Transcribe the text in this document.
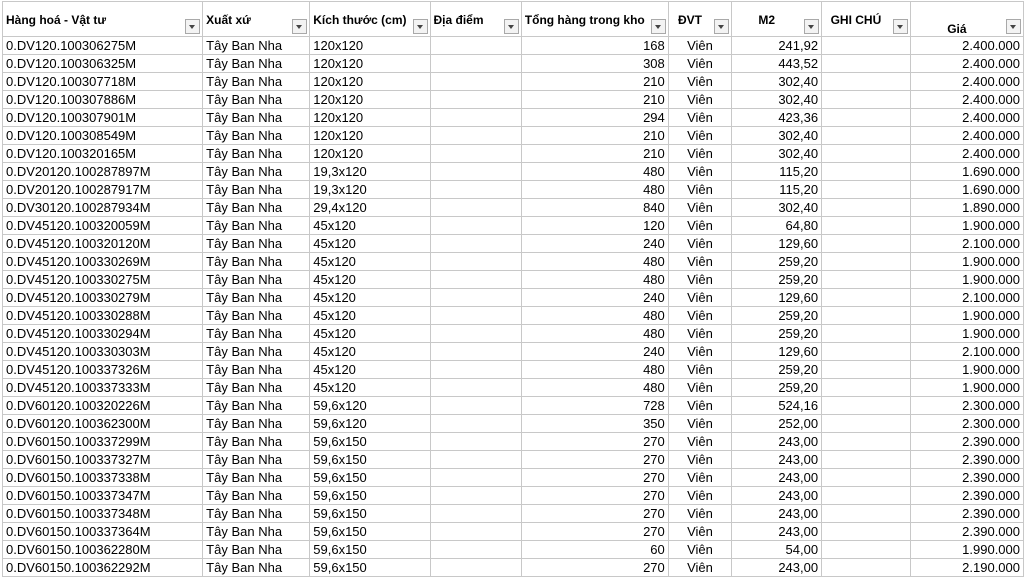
Hàng hoá - Vật tư	Xuất xứ	Kích thước (cm)	Địa điểm	Tổng hàng trong kho	ĐVT	M2	GHI CHÚ	Giá

0.DV120.100306275M	Tây Ban Nha	120x120		168	Viên	241,92		2.400.000
0.DV120.100306325M	Tây Ban Nha	120x120		308	Viên	443,52		2.400.000
0.DV120.100307718M	Tây Ban Nha	120x120		210	Viên	302,40		2.400.000
0.DV120.100307886M	Tây Ban Nha	120x120		210	Viên	302,40		2.400.000
0.DV120.100307901M	Tây Ban Nha	120x120		294	Viên	423,36		2.400.000
0.DV120.100308549M	Tây Ban Nha	120x120		210	Viên	302,40		2.400.000
0.DV120.100320165M	Tây Ban Nha	120x120		210	Viên	302,40		2.400.000
0.DV20120.100287897M	Tây Ban Nha	19,3x120		480	Viên	115,20		1.690.000
0.DV20120.100287917M	Tây Ban Nha	19,3x120		480	Viên	115,20		1.690.000
0.DV30120.100287934M	Tây Ban Nha	29,4x120		840	Viên	302,40		1.890.000
0.DV45120.100320059M	Tây Ban Nha	45x120		120	Viên	64,80		1.900.000
0.DV45120.100320120M	Tây Ban Nha	45x120		240	Viên	129,60		2.100.000
0.DV45120.100330269M	Tây Ban Nha	45x120		480	Viên	259,20		1.900.000
0.DV45120.100330275M	Tây Ban Nha	45x120		480	Viên	259,20		1.900.000
0.DV45120.100330279M	Tây Ban Nha	45x120		240	Viên	129,60		2.100.000
0.DV45120.100330288M	Tây Ban Nha	45x120		480	Viên	259,20		1.900.000
0.DV45120.100330294M	Tây Ban Nha	45x120		480	Viên	259,20		1.900.000
0.DV45120.100330303M	Tây Ban Nha	45x120		240	Viên	129,60		2.100.000
0.DV45120.100337326M	Tây Ban Nha	45x120		480	Viên	259,20		1.900.000
0.DV45120.100337333M	Tây Ban Nha	45x120		480	Viên	259,20		1.900.000
0.DV60120.100320226M	Tây Ban Nha	59,6x120		728	Viên	524,16		2.300.000
0.DV60120.100362300M	Tây Ban Nha	59,6x120		350	Viên	252,00		2.300.000
0.DV60150.100337299M	Tây Ban Nha	59,6x150		270	Viên	243,00		2.390.000
0.DV60150.100337327M	Tây Ban Nha	59,6x150		270	Viên	243,00		2.390.000
0.DV60150.100337338M	Tây Ban Nha	59,6x150		270	Viên	243,00		2.390.000
0.DV60150.100337347M	Tây Ban Nha	59,6x150		270	Viên	243,00		2.390.000
0.DV60150.100337348M	Tây Ban Nha	59,6x150		270	Viên	243,00		2.390.000
0.DV60150.100337364M	Tây Ban Nha	59,6x150		270	Viên	243,00		2.390.000
0.DV60150.100362280M	Tây Ban Nha	59,6x150		60	Viên	54,00		1.990.000
0.DV60150.100362292M	Tây Ban Nha	59,6x150		270	Viên	243,00		2.190.000
